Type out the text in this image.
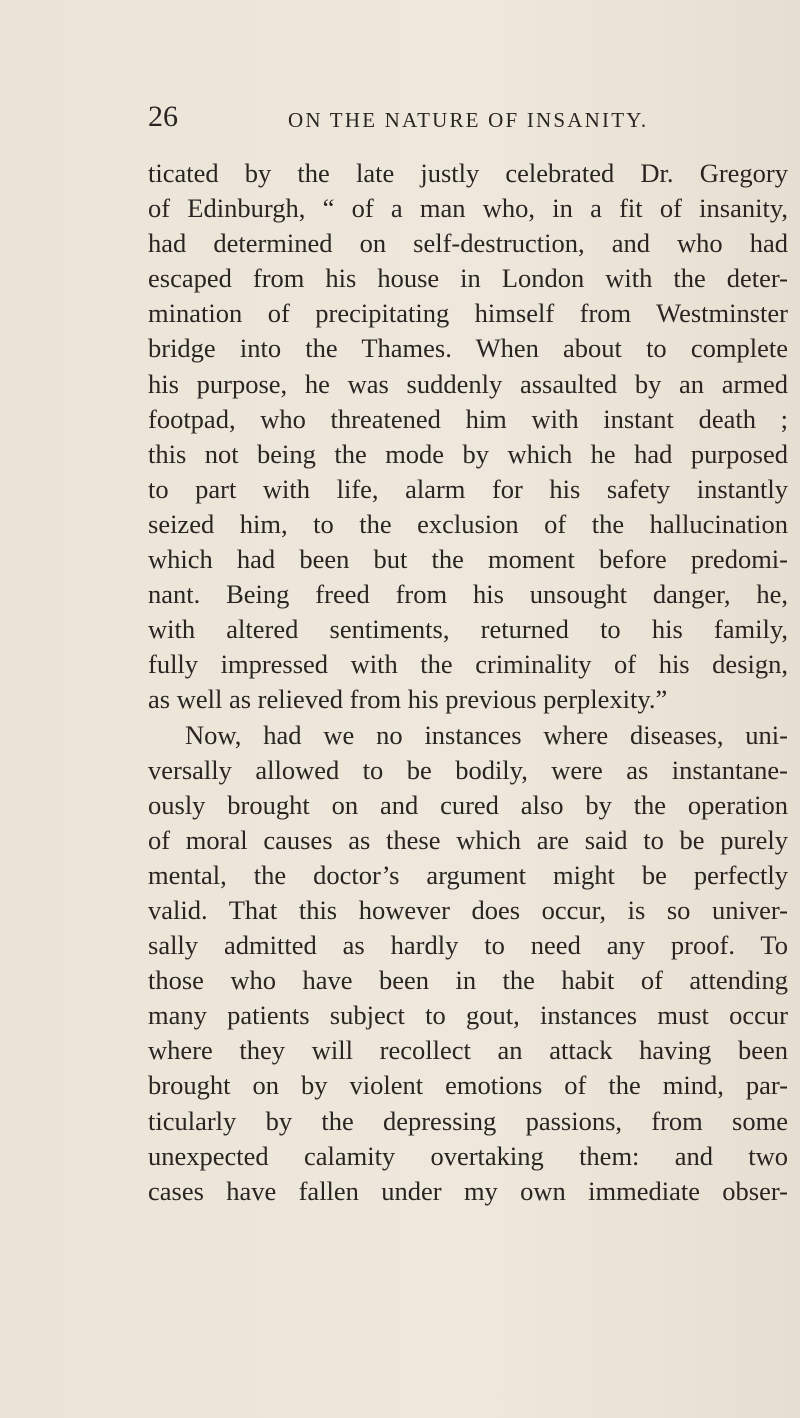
26	ON THE NATURE OF INSANITY.
ticated by the late justly celebrated Dr. Gregory
of Edinburgh, “ of a man who, in a fit of insanity,
had determined on self-destruction, and who had
escaped from his house in London with the deter-
mination of precipitating himself from Westminster
bridge into the Thames. When about to complete
his purpose, he was suddenly assaulted by an armed
footpad, who threatened him with instant death ;
this not being the mode by which he had purposed
to part with life, alarm for his safety instantly
seized him, to the exclusion of the hallucination
which had been but the moment before predomi-
nant. Being freed from his unsought danger, he,
with altered sentiments, returned to his family,
fully impressed with the criminality of his design,
as well as relieved from his previous perplexity.”
Now, had we no instances where diseases, uni-
versally allowed to be bodily, were as instantane-
ously brought on and cured also by the operation
of moral causes as these which are said to be purely
mental, the doctor’s argument might be perfectly
valid. That this however does occur, is so univer-
sally admitted as hardly to need any proof. To
those who have been in the habit of attending
many patients subject to gout, instances must occur
where they will recollect an attack having been
brought on by violent emotions of the mind, par-
ticularly by the depressing passions, from some
unexpected calamity overtaking them: and two
cases have fallen under my own immediate obser-
